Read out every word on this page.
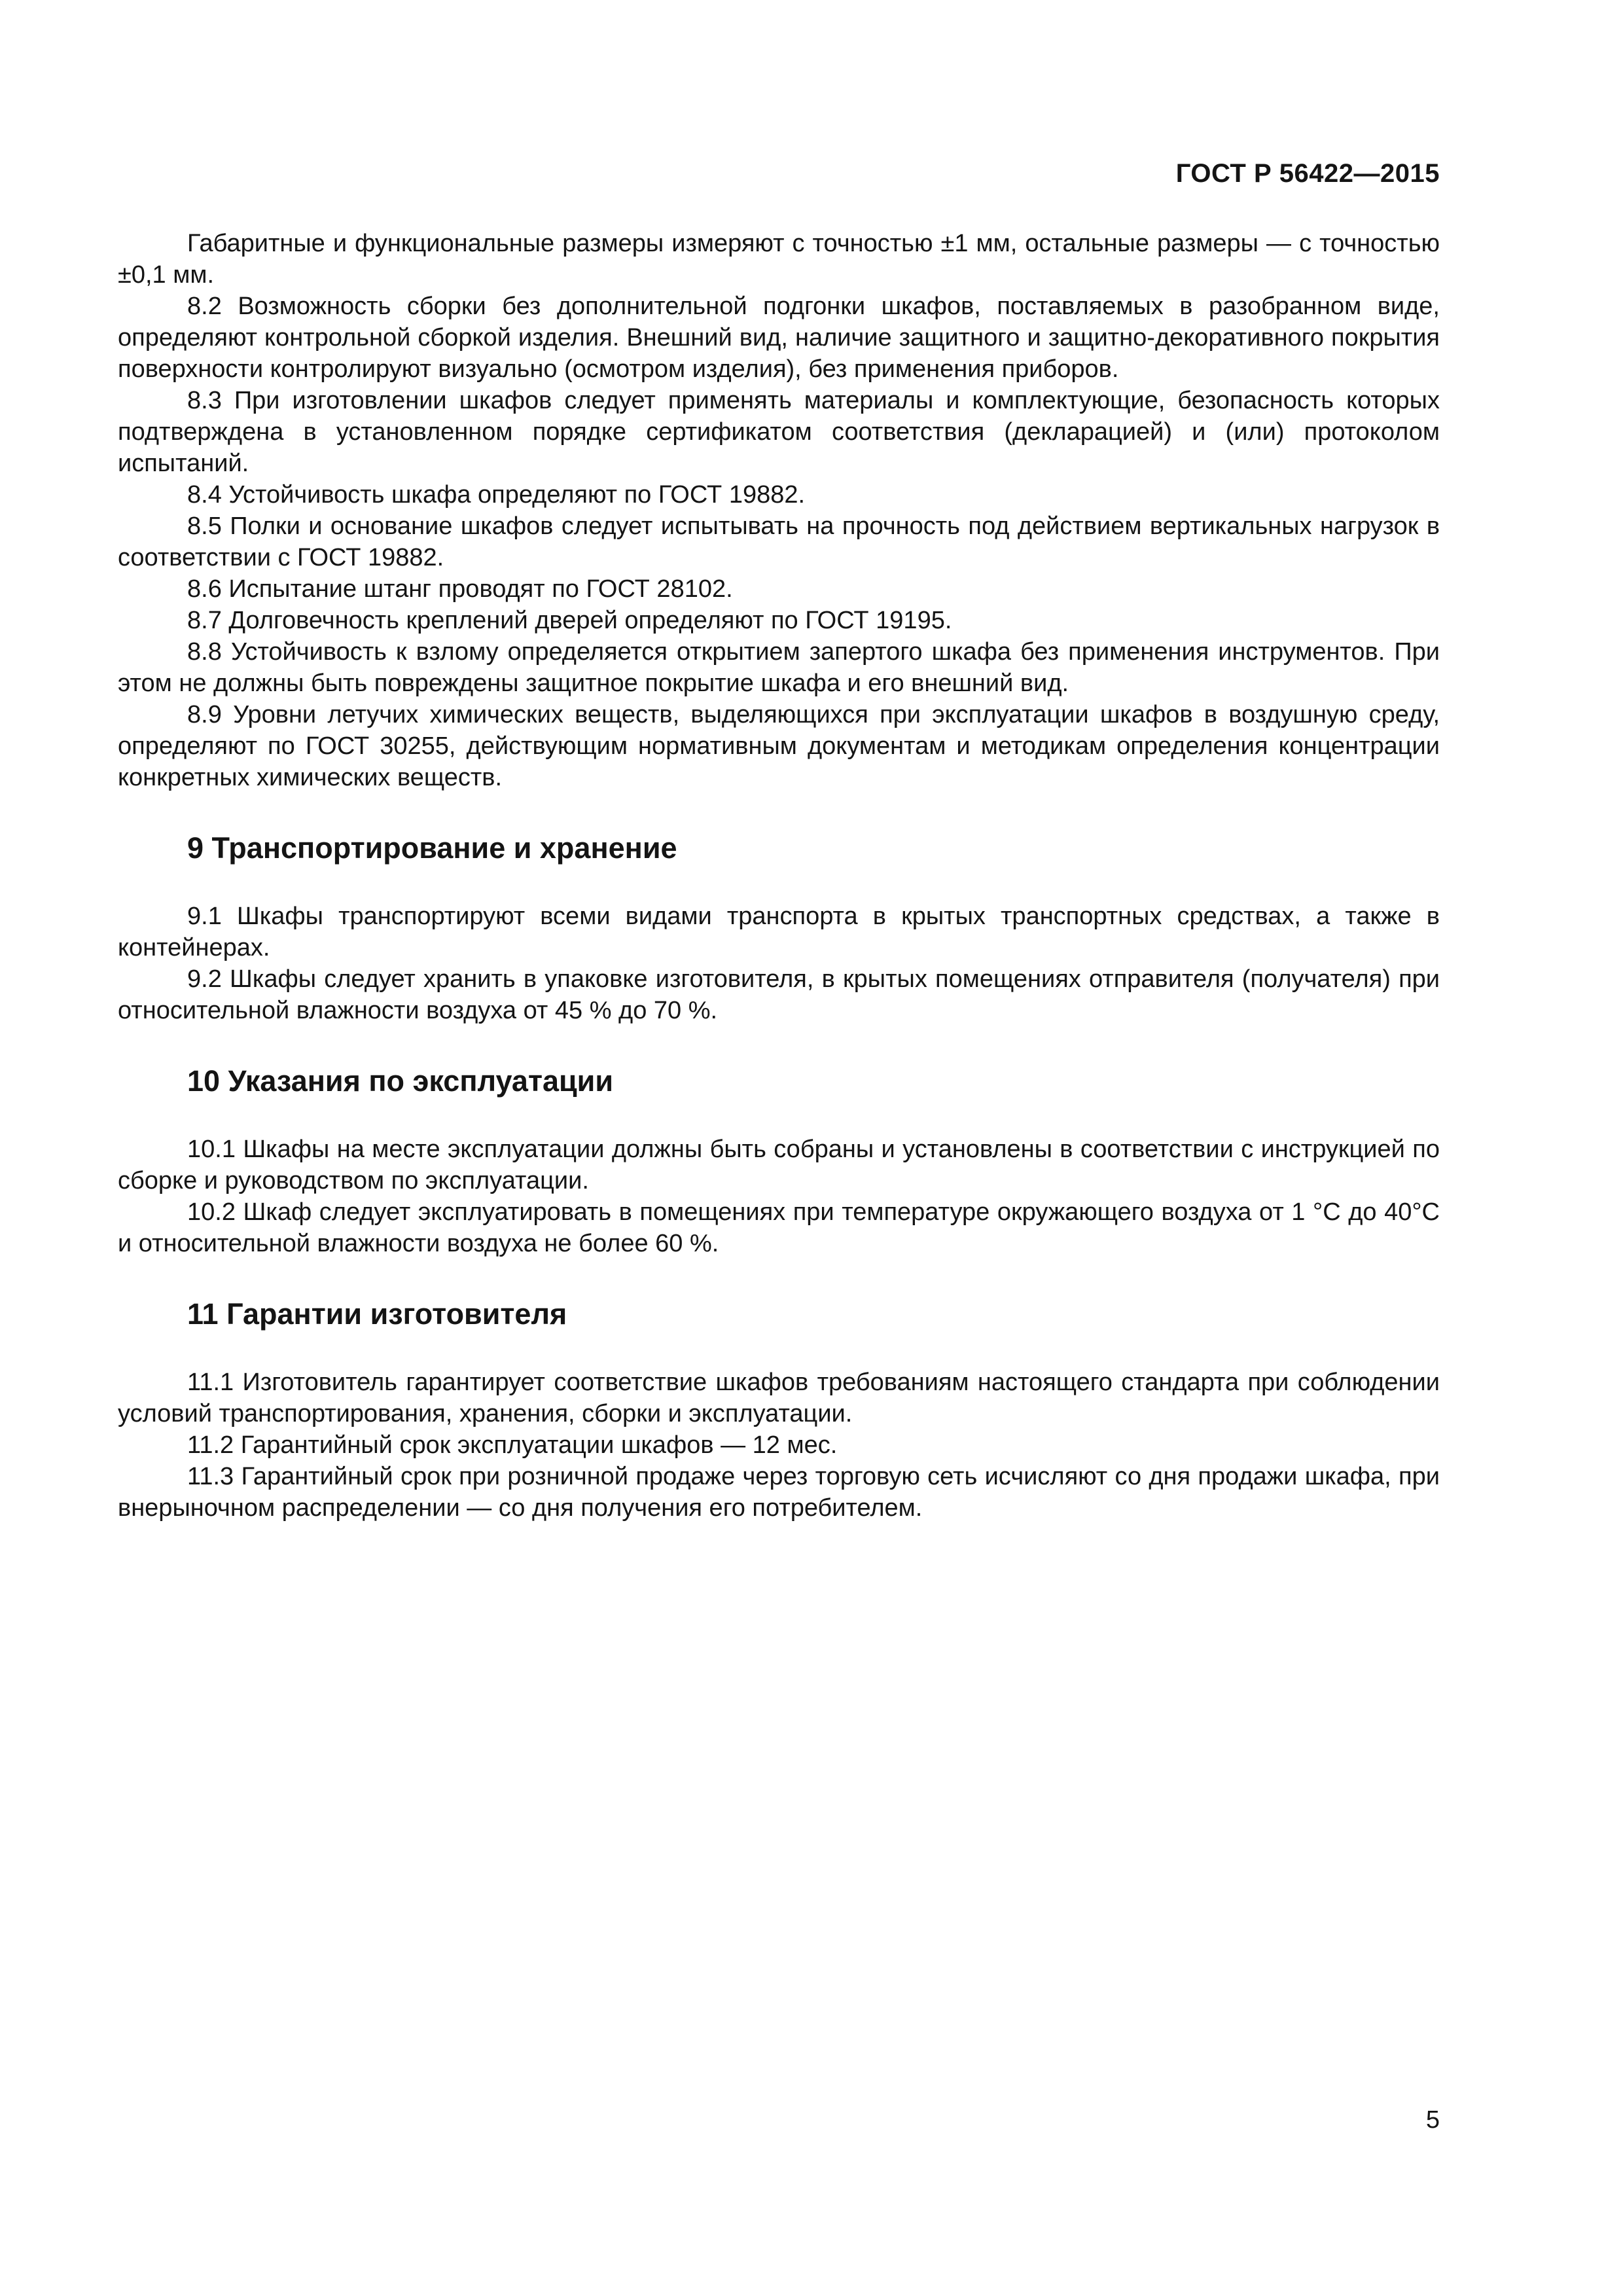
ГОСТ Р 56422—2015

Габаритные и функциональные размеры измеряют с точностью ±1 мм, остальные размеры — с точностью ±0,1 мм.

8.2 Возможность сборки без дополнительной подгонки шкафов, поставляемых в разобранном виде, определяют контрольной сборкой изделия. Внешний вид, наличие защитного и защитно-декоративного покрытия поверхности контролируют визуально (осмотром изделия), без применения приборов.

8.3 При изготовлении шкафов следует применять материалы и комплектующие, безопасность которых подтверждена в установленном порядке сертификатом соответствия (декларацией) и (или) протоколом испытаний.

8.4 Устойчивость шкафа определяют по ГОСТ 19882.

8.5 Полки и основание шкафов следует испытывать на прочность под действием вертикальных нагрузок в соответствии с ГОСТ 19882.

8.6 Испытание штанг проводят по ГОСТ 28102.

8.7 Долговечность креплений дверей определяют по ГОСТ 19195.

8.8 Устойчивость к взлому определяется открытием запертого шкафа без применения инструментов. При этом не должны быть повреждены защитное покрытие шкафа и его внешний вид.

8.9 Уровни летучих химических веществ, выделяющихся при эксплуатации шкафов в воздушную среду, определяют по ГОСТ 30255, действующим нормативным документам и методикам определения концентрации конкретных химических веществ.

9 Транспортирование и хранение

9.1 Шкафы транспортируют всеми видами транспорта в крытых транспортных средствах, а также в контейнерах.

9.2 Шкафы следует хранить в упаковке изготовителя, в крытых помещениях отправителя (получателя) при относительной влажности воздуха от 45 % до 70 %.

10 Указания по эксплуатации

10.1 Шкафы на месте эксплуатации должны быть собраны и установлены в соответствии с инструкцией по сборке и руководством по эксплуатации.

10.2 Шкаф следует эксплуатировать в помещениях при температуре окружающего воздуха от 1 °С до 40°С и относительной влажности воздуха не более 60 %.

11 Гарантии изготовителя

11.1 Изготовитель гарантирует соответствие шкафов требованиям настоящего стандарта при соблюдении условий транспортирования, хранения, сборки и эксплуатации.

11.2 Гарантийный срок эксплуатации шкафов — 12 мес.

11.3 Гарантийный срок при розничной продаже через торговую сеть исчисляют со дня продажи шкафа, при внерыночном распределении — со дня получения его потребителем.

5
